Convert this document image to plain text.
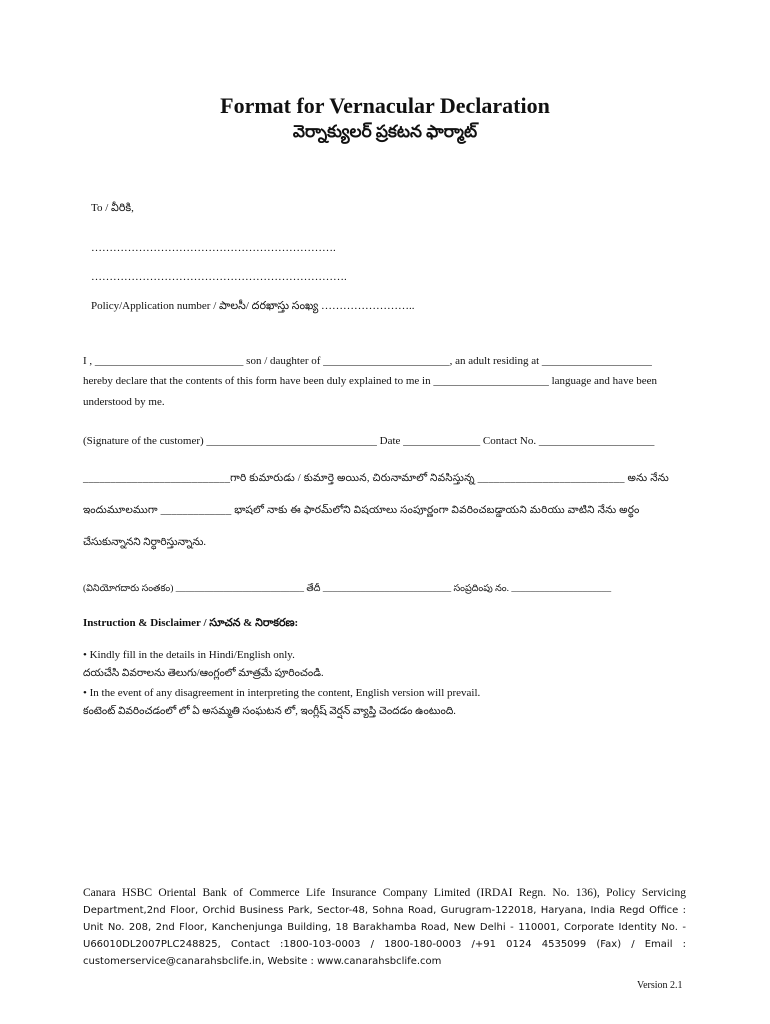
Format for Vernacular Declaration
వెర్నాక్యులర్ ప్రకటన ఫార్మాట్
To / వీరికి,
………………………………………………………….
…………………………………………………………….
Policy/Application number / పాలసీ/ దరఖాస్తు సంఖ్య ……………………..
I , ___________________________ son / daughter of _______________________, an adult residing at ____________________
hereby declare that the contents of this form have been duly explained to me in _____________________ language and have been
understood by me.
(Signature of the customer) _______________________________ Date ______________ Contact No. _____________________
___________________________గారి కుమారుడు / కుమార్తె అయిన, చిరునామాలో నివసిస్తున్న ___________________________ అను నేను
ఇందుమూలముగా _____________ భాషలో నాకు ఈ ఫారమ్‌లోని విషయాలు సంపూర్ణంగా వివరించబడ్డాయని మరియు వాటిని నేను అర్థం
చేసుకున్నానని నిర్ధారిస్తున్నాను.
(వినియోగదారు సంతకం) ___________________________ తేదీ ___________________________ సంప్రదింపు నం. _____________________
Instruction & Disclaimer / సూచన & నిరాకరణ:
• Kindly fill in the details in Hindi/English only.
దయచేసి వివరాలను తెలుగు/ఆంగ్లంలో మాత్రమే పూరించండి.
• In the event of any disagreement in interpreting the content, English version will prevail.
కంటెంట్ వివరించడంలో లో ఏ అసమ్మతి సంఘటన లో, ఇంగ్లీష్ వెర్షన్ వ్యాప్తి చెందడం ఉంటుంది.
Canara HSBC Oriental Bank of Commerce Life Insurance Company Limited (IRDAI Regn. No. 136), Policy Servicing Department,2nd Floor, Orchid Business Park, Sector-48, Sohna Road, Gurugram-122018, Haryana, India Regd Office : Unit No. 208, 2nd Floor, Kanchenjunga Building, 18 Barakhamba Road, New Delhi - 110001, Corporate Identity No. - U66010DL2007PLC248825, Contact :1800-103-0003 / 1800-180-0003 /+91 0124 4535099 (Fax) / Email : customerservice@canarahsbclife.in, Website : www.canarahsbclife.com
Version 2.1
